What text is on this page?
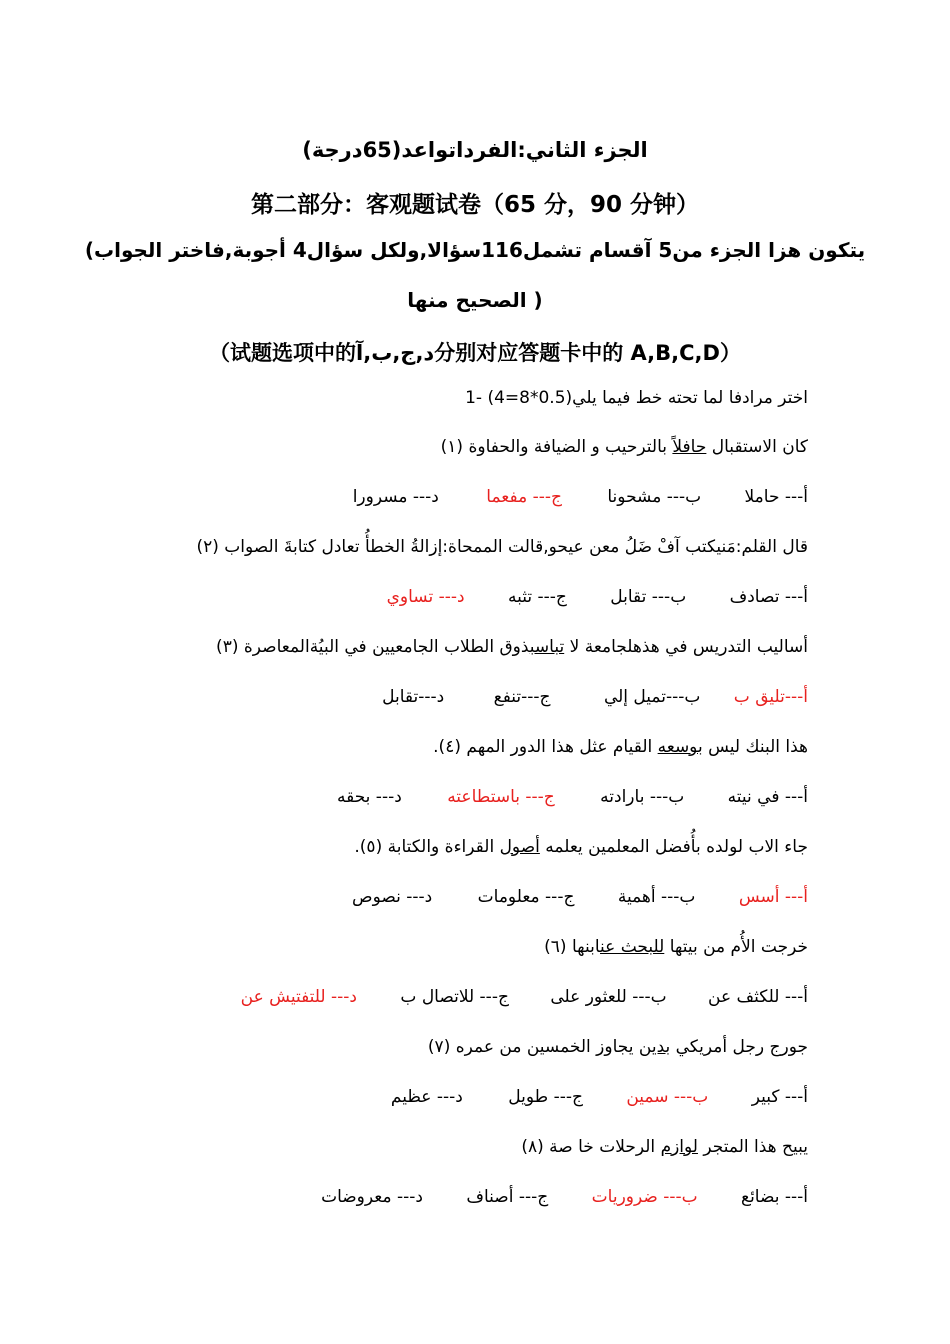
الجزء الثاني:الفرداتواعد(65درجة)
第二部分：客观题试卷（65 分，90 分钟）
يتكون هزا الجزء من5 آقسام تشمل116سؤالا,ولكل سؤال4 أجوبة,فاختر الجواب)
( الصحيح منها
（试题选项中的د,ج,ب,آ分别对应答题卡中的 A,B,C,D）
اختر مرادفا لما تحته خط فيما يلي(0.5*8=4) -1
كان الاستقبال حافلاً بالترحيب و الضيافة والحفاوة (١)
أ--- حاملا ب--- مشحونا ج--- مفعما د--- مسرورا
قال القلم:مَنيكتب آفْ ضَلُ معن عيحو,قالت الممحاة:إزالةُ الخطأُ تعادل كتابةَ الصواب (٢)
أ--- تصادف ب--- تقابل ج--- تثبه د--- تساوي
أساليب التدريس في هذهلجامعة لا تباسبذوق الطلاب الجامعيين في البيُةالمعاصرة (٣)
أ---تليق ب ب---تميل إلي ج---تنفع د---تقابل
هذا البنك ليس بوسعه القيام عثل هذا الدور المهم (٤).
أ--- في نيته ب--- بارادته ج--- باستطاعته د--- بحقه
جاء الاب لولده بأُفضل المعلمين يعلمه أصول القراءة والكتابة (٥).
أ--- أسس ب--- أهمية ج--- معلومات د--- نصوص
خرجت الأُم من بيتها للبحث عنابنها (٦)
أ--- للكثف عن ب--- للعثور على ج--- للاتصال ب د--- للتفتيش عن
جورج رجل أمريكي بدين يجاوز الخمسين من عمره (٧)
أ--- كبير ب--- سمين ج--- طويل د--- عظيم
يبيح هذا المتجر لوازم الرحلات خا صة (٨)
أ--- بضائع ب--- ضروريات ج--- أصناف د--- معروضات
